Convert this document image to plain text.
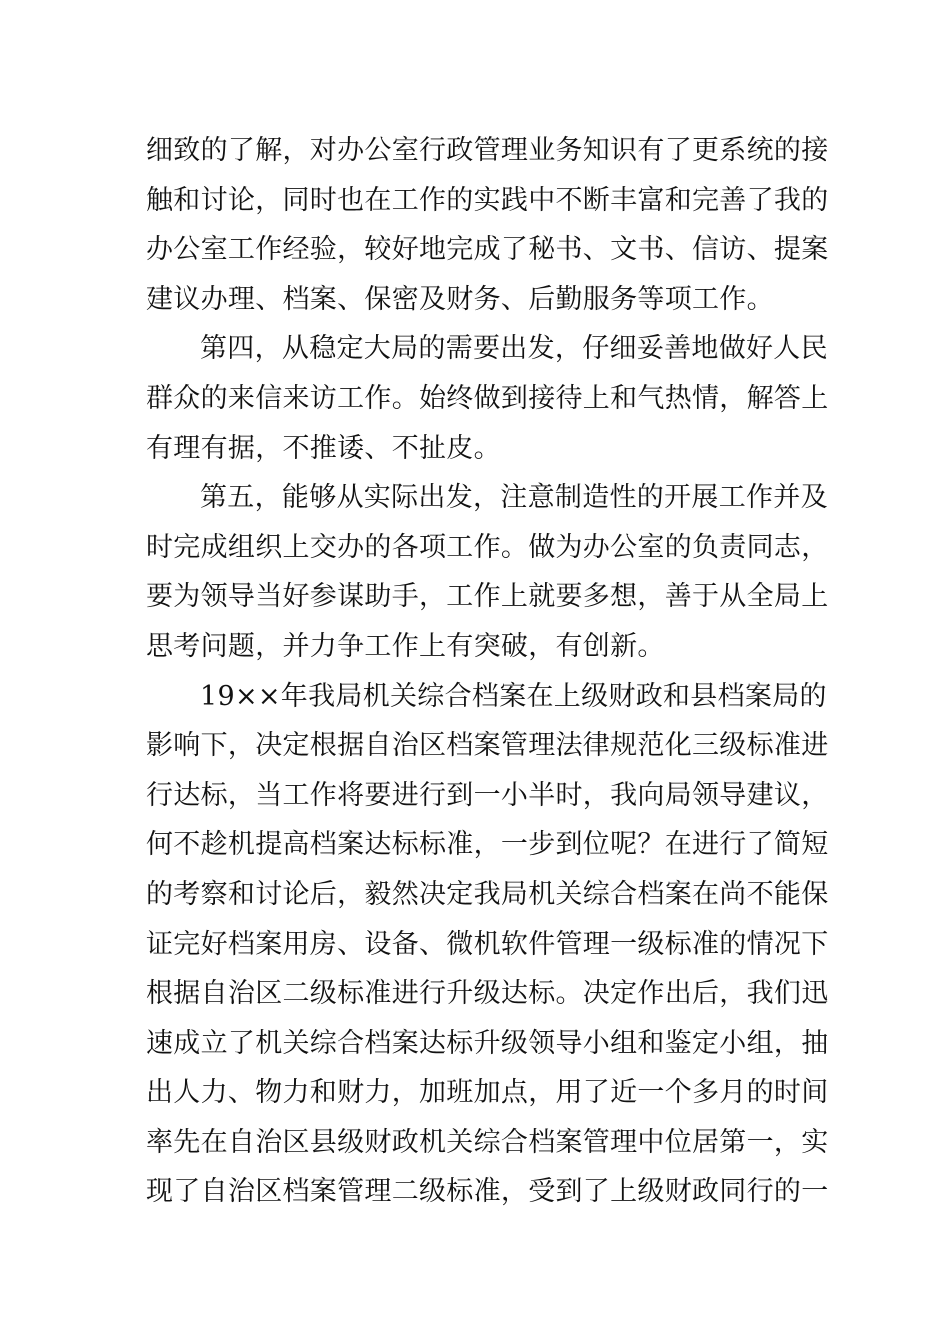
细致的了解，对办公室行政管理业务知识有了更系统的接
触和讨论，同时也在工作的实践中不断丰富和完善了我的
办公室工作经验，较好地完成了秘书、文书、信访、提案
建议办理、档案、保密及财务、后勤服务等项工作。
第四，从稳定大局的需要出发，仔细妥善地做好人民
群众的来信来访工作。始终做到接待上和气热情，解答上
有理有据，不推诿、不扯皮。
第五，能够从实际出发，注意制造性的开展工作并及
时完成组织上交办的各项工作。做为办公室的负责同志，
要为领导当好参谋助手，工作上就要多想，善于从全局上
思考问题，并力争工作上有突破，有创新。
19××年我局机关综合档案在上级财政和县档案局的
影响下，决定根据自治区档案管理法律规范化三级标准进
行达标，当工作将要进行到一小半时，我向局领导建议，
何不趁机提高档案达标标准，一步到位呢？在进行了简短
的考察和讨论后，毅然决定我局机关综合档案在尚不能保
证完好档案用房、设备、微机软件管理一级标准的情况下
根据自治区二级标准进行升级达标。决定作出后，我们迅
速成立了机关综合档案达标升级领导小组和鉴定小组，抽
出人力、物力和财力，加班加点，用了近一个多月的时间
率先在自治区县级财政机关综合档案管理中位居第一，实
现了自治区档案管理二级标准，受到了上级财政同行的一
